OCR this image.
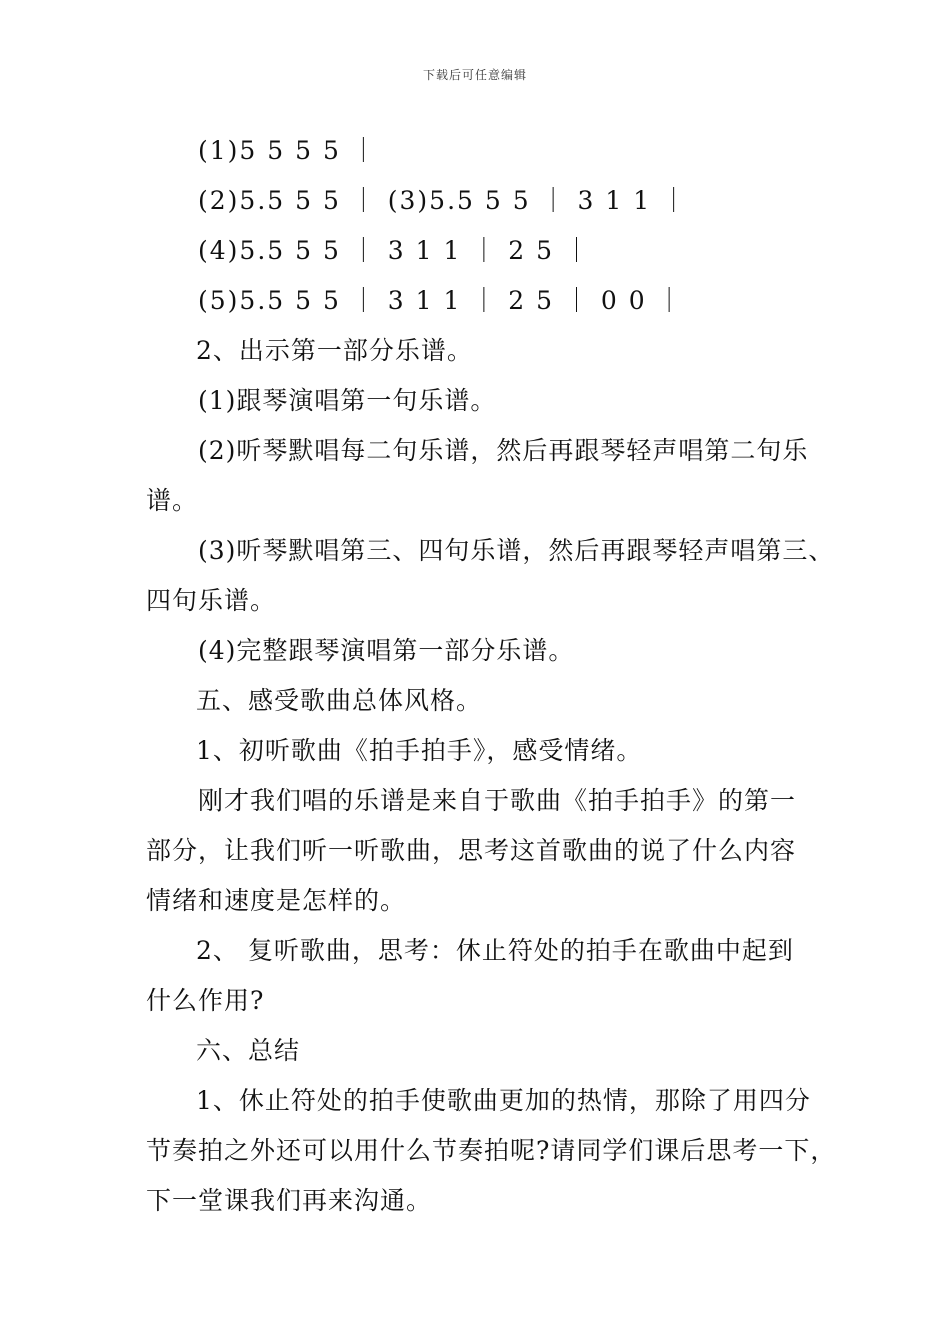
下载后可任意编辑
(1)5 5 5 5 ｜
(2)5.5 5 5 ｜ (3)5.5 5 5 ｜ 3 1 1 ｜
(4)5.5 5 5 ｜ 3 1 1 ｜ 2 5 ｜
(5)5.5 5 5 ｜ 3 1 1 ｜ 2 5 ｜ 0 0 ｜
2、出示第一部分乐谱。
(1)跟琴演唱第一句乐谱。
(2)听琴默唱每二句乐谱，然后再跟琴轻声唱第二句乐
谱。
(3)听琴默唱第三、四句乐谱，然后再跟琴轻声唱第三、
四句乐谱。
(4)完整跟琴演唱第一部分乐谱。
五、感受歌曲总体风格。
1、初听歌曲《拍手拍手》，感受情绪。
刚才我们唱的乐谱是来自于歌曲《拍手拍手》的第一
部分，让我们听一听歌曲，思考这首歌曲的说了什么内容
情绪和速度是怎样的。
2、 复听歌曲，思考：休止符处的拍手在歌曲中起到
什么作用?
六、总结
1、休止符处的拍手使歌曲更加的热情，那除了用四分
节奏拍之外还可以用什么节奏拍呢?请同学们课后思考一下，
下一堂课我们再来沟通。
